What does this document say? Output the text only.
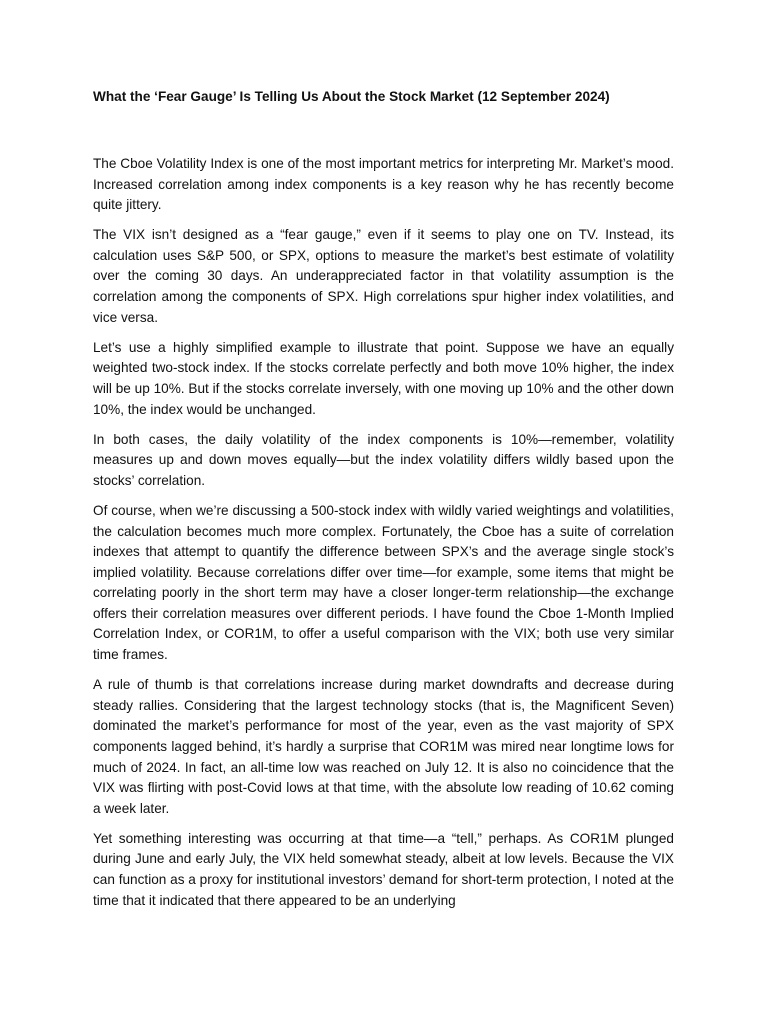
What the ‘Fear Gauge’ Is Telling Us About the Stock Market (12 September 2024)

The Cboe Volatility Index is one of the most important metrics for interpreting Mr. Market’s mood. Increased correlation among index components is a key reason why he has recently become quite jittery.

The VIX isn’t designed as a “fear gauge,” even if it seems to play one on TV. Instead, its calculation uses S&P 500, or SPX, options to measure the market’s best estimate of volatility over the coming 30 days. An underappreciated factor in that volatility assumption is the correlation among the components of SPX. High correlations spur higher index volatilities, and vice versa.

Let’s use a highly simplified example to illustrate that point. Suppose we have an equally weighted two-stock index. If the stocks correlate perfectly and both move 10% higher, the index will be up 10%. But if the stocks correlate inversely, with one moving up 10% and the other down 10%, the index would be unchanged.

In both cases, the daily volatility of the index components is 10%—remember, volatility measures up and down moves equally—but the index volatility differs wildly based upon the stocks’ correlation.

Of course, when we’re discussing a 500-stock index with wildly varied weightings and volatilities, the calculation becomes much more complex. Fortunately, the Cboe has a suite of correlation indexes that attempt to quantify the difference between SPX’s and the average single stock’s implied volatility. Because correlations differ over time—for example, some items that might be correlating poorly in the short term may have a closer longer-term relationship—the exchange offers their correlation measures over different periods. I have found the Cboe 1-Month Implied Correlation Index, or COR1M, to offer a useful comparison with the VIX; both use very similar time frames.

A rule of thumb is that correlations increase during market downdrafts and decrease during steady rallies. Considering that the largest technology stocks (that is, the Magnificent Seven) dominated the market’s performance for most of the year, even as the vast majority of SPX components lagged behind, it’s hardly a surprise that COR1M was mired near longtime lows for much of 2024. In fact, an all-time low was reached on July 12. It is also no coincidence that the VIX was flirting with post-Covid lows at that time, with the absolute low reading of 10.62 coming a week later.

Yet something interesting was occurring at that time—a “tell,” perhaps. As COR1M plunged during June and early July, the VIX held somewhat steady, albeit at low levels. Because the VIX can function as a proxy for institutional investors’ demand for short-term protection, I noted at the time that it indicated that there appeared to be an underlying
